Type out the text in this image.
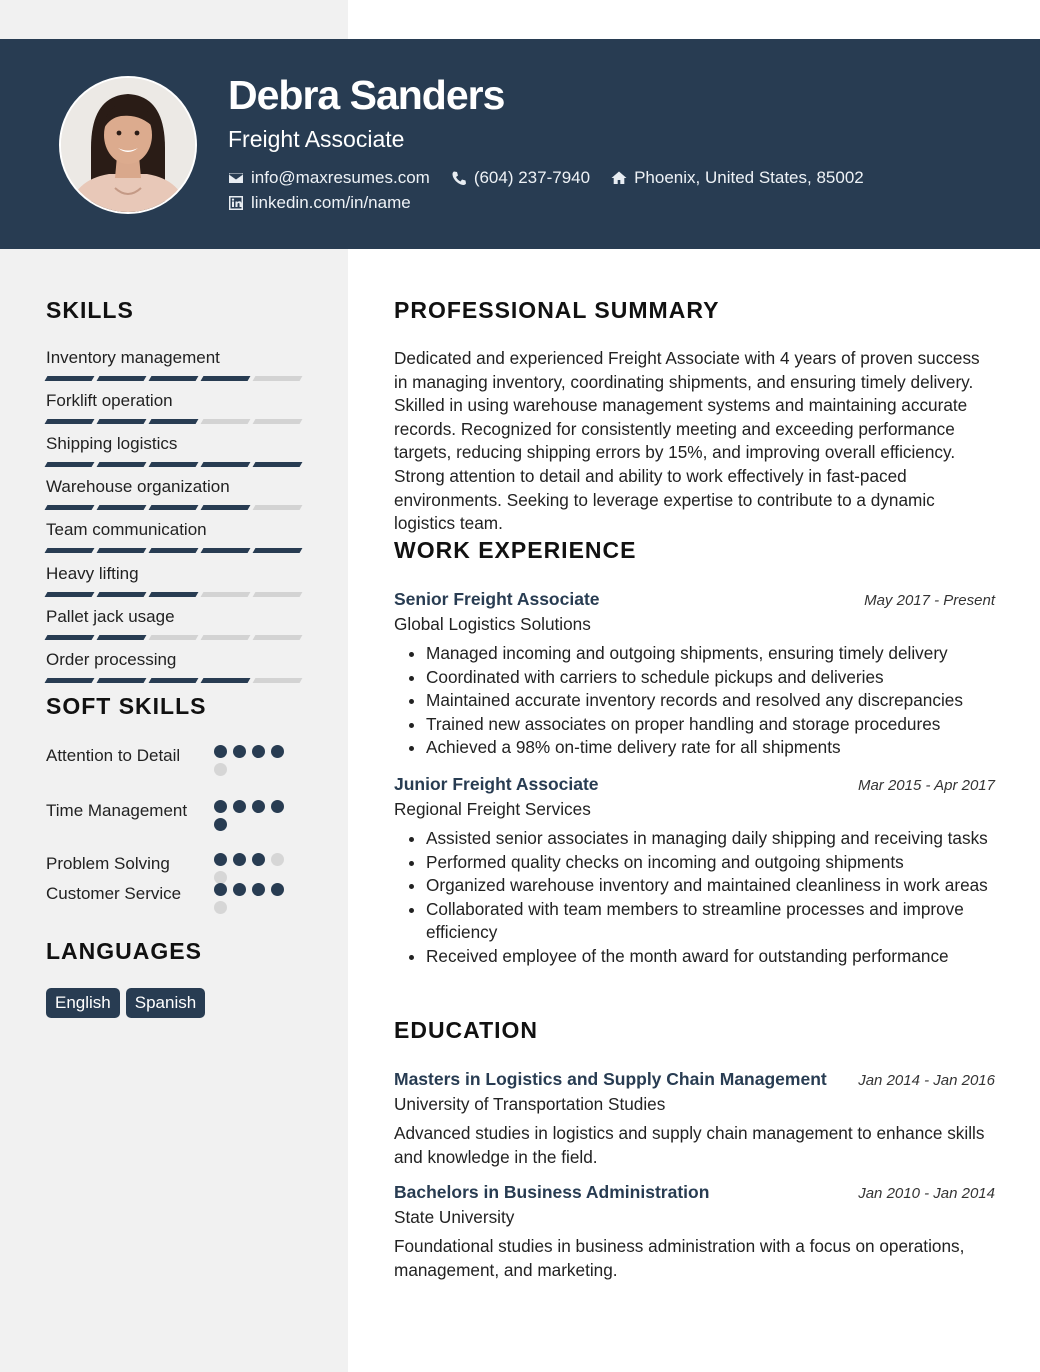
Debra Sanders
Freight Associate
info@maxresumes.com	(604) 237-7940	Phoenix, United States, 85002
linkedin.com/in/name
SKILLS
Inventory management
Forklift operation
Shipping logistics
Warehouse organization
Team communication
Heavy lifting
Pallet jack usage
Order processing
SOFT SKILLS
Attention to Detail
Time Management
Problem Solving
Customer Service
LANGUAGES
English	Spanish
PROFESSIONAL SUMMARY

Dedicated and experienced Freight Associate with 4 years of proven success in managing inventory, coordinating shipments, and ensuring timely delivery. Skilled in using warehouse management systems and maintaining accurate records. Recognized for consistently meeting and exceeding performance targets, reducing shipping errors by 15%, and improving overall efficiency. Strong attention to detail and ability to work effectively in fast-paced environments. Seeking to leverage expertise to contribute to a dynamic logistics team.

WORK EXPERIENCE
Senior Freight Associate	May 2017 - Present
Global Logistics Solutions
• Managed incoming and outgoing shipments, ensuring timely delivery
• Coordinated with carriers to schedule pickups and deliveries
• Maintained accurate inventory records and resolved any discrepancies
• Trained new associates on proper handling and storage procedures
• Achieved a 98% on-time delivery rate for all shipments
Junior Freight Associate	Mar 2015 - Apr 2017
Regional Freight Services
• Assisted senior associates in managing daily shipping and receiving tasks
• Performed quality checks on incoming and outgoing shipments
• Organized warehouse inventory and maintained cleanliness in work areas
• Collaborated with team members to streamline processes and improve efficiency
• Received employee of the month award for outstanding performance
EDUCATION
Masters in Logistics and Supply Chain Management Jan 2014 - Jan 2016
University of Transportation Studies
Advanced studies in logistics and supply chain management to enhance skills and knowledge in the field.
Bachelors in Business Administration	Jan 2010 - Jan 2014
State University
Foundational studies in business administration with a focus on operations, management, and marketing.
